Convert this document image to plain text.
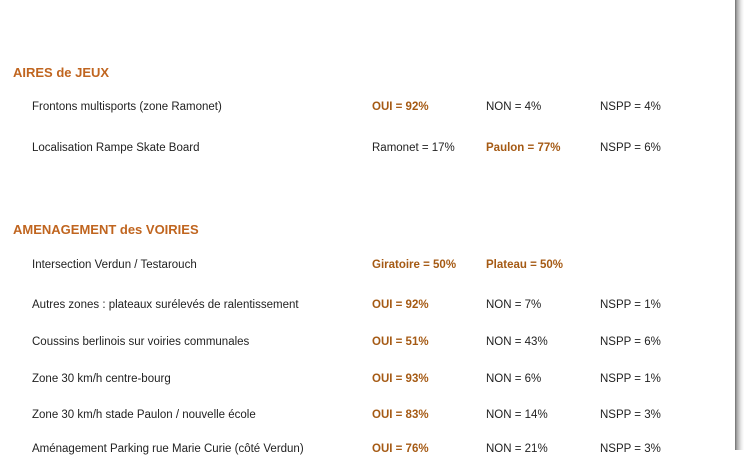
AIRES de JEUX
Frontons multisports (zone Ramonet)	OUI = 92%	NON = 4%	NSPP = 4%
Localisation Rampe Skate Board	Ramonet = 17%	Paulon = 77%	NSPP = 6%
AMENAGEMENT des VOIRIES
Intersection Verdun / Testarouch	Giratoire = 50%	Plateau = 50%
Autres zones : plateaux surélevés de ralentissement	OUI = 92%	NON = 7%	NSPP = 1%
Coussins berlinois sur voiries communales	OUI = 51%	NON = 43%	NSPP = 6%
Zone 30 km/h centre-bourg	OUI = 93%	NON = 6%	NSPP = 1%
Zone 30 km/h stade Paulon / nouvelle école	OUI = 83%	NON = 14%	NSPP = 3%
Aménagement Parking rue Marie Curie (côté Verdun)	OUI = 76%	NON = 21%	NSPP = 3%
